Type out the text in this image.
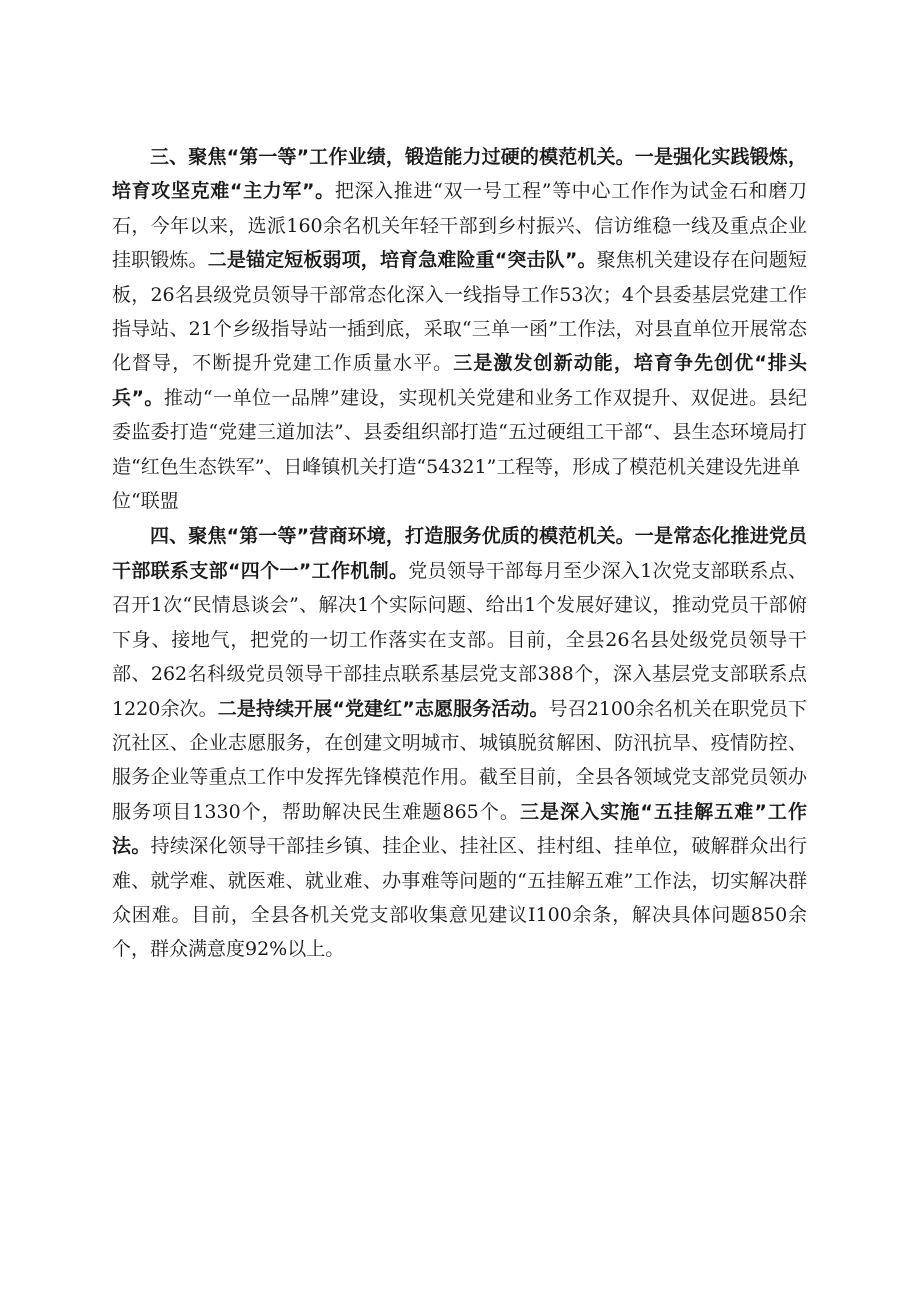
三、聚焦“第一等”工作业绩，锻造能力过硬的模范机关。一是强化实践锻炼，培育攻坚克难“主力军”。把深入推进“双一号工程”等中心工作作为试金石和磨刀石，今年以来，选派160余名机关年轻干部到乡村振兴、信访维稳一线及重点企业挂职锻炼。二是锚定短板弱项，培育急难险重“突击队”。聚焦机关建设存在问题短板，26名县级党员领导干部常态化深入一线指导工作53次；4个县委基层党建工作指导站、21个乡级指导站一插到底，采取“三单一函”工作法，对县直单位开展常态化督导，不断提升党建工作质量水平。三是激发创新动能，培育争先创优“排头兵”。推动“一单位一品牌”建设，实现机关党建和业务工作双提升、双促进。县纪委监委打造“党建三道加法”、县委组织部打造“五过硬组工干部“、县生态环境局打造“红色生态铁军”、日峰镇机关打造“54321”工程等，形成了模范机关建设先进单
位“联盟

四、聚焦“第一等”营商环境，打造服务优质的模范机关。一是常态化推进党员干部联系支部“四个一”工作机制。党员领导干部每月至少深入1次党支部联系点、召开1次“民情恳谈会”、解决1个实际问题、给出1个发展好建议，推动党员干部俯下身、接地气，把党的一切工作落实在支部。目前，全县26名县处级党员领导干部、262名科级党员领导干部挂点联系基层党支部388个，深入基层党支部联系点1220余次。二是持续开展“党建红”志愿服务活动。号召2100余名机关在职党员下沉社区、企业志愿服务，在创建文明城市、城镇脱贫解困、防汛抗旱、疫情防控、服务企业等重点工作中发挥先锋模范作用。截至目前，全县各领域党支部党员领办服务项目1330个，帮助解决民生难题865个。三是深入实施“五挂解五难”工作法。持续深化领导干部挂乡镇、挂企业、挂社区、挂村组、挂单位，破解群众出行难、就学难、就医难、就业难、办事难等问题的“五挂解五难”工作法，切实解决群众困难。目前，全县各机关党支部收集意见建议I100余条，解决具体问题850余个，群众满意度92%以上。
